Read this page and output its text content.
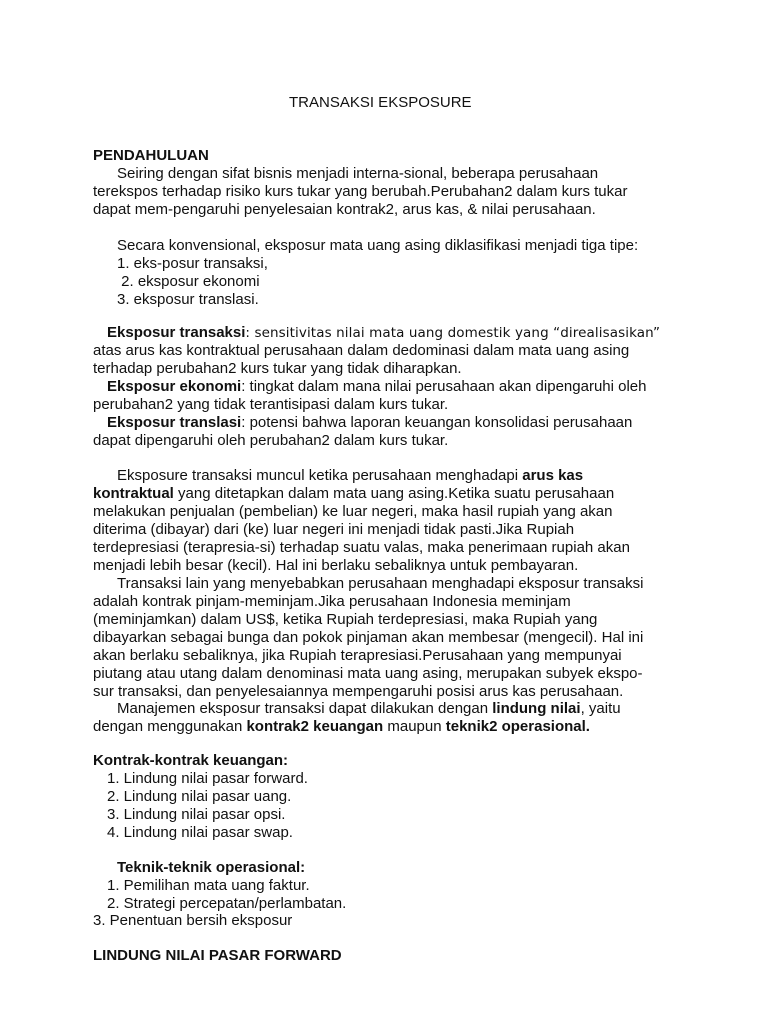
TRANSAKSI EKSPOSURE
PENDAHULUAN
Seiring dengan sifat bisnis menjadi interna-sional, beberapa perusahaan
terekspos terhadap risiko kurs tukar yang berubah.Perubahan2 dalam kurs tukar
dapat mem-pengaruhi penyelesaian kontrak2, arus kas, & nilai perusahaan.
Secara konvensional, eksposur mata uang asing diklasifikasi menjadi tiga tipe:
1. eks-posur transaksi,
2. eksposur ekonomi
3. eksposur translasi.
Eksposur transaksi: sensitivitas nilai mata uang domestik yang “direalisasikan”
atas arus kas kontraktual perusahaan dalam dedominasi dalam mata uang asing
terhadap perubahan2 kurs tukar yang tidak diharapkan.
Eksposur ekonomi: tingkat dalam mana nilai perusahaan akan dipengaruhi oleh
perubahan2 yang tidak terantisipasi dalam kurs tukar.
Eksposur translasi: potensi bahwa laporan keuangan konsolidasi perusahaan
dapat dipengaruhi oleh perubahan2 dalam kurs tukar.
Eksposure transaksi muncul ketika perusahaan menghadapi arus kas
kontraktual yang ditetapkan dalam mata uang asing.Ketika suatu perusahaan
melakukan penjualan (pembelian) ke luar negeri, maka hasil rupiah yang akan
diterima (dibayar) dari (ke) luar negeri ini menjadi tidak pasti.Jika Rupiah
terdepresiasi (terapresia-si) terhadap suatu valas, maka penerimaan rupiah akan
menjadi lebih besar (kecil). Hal ini berlaku sebaliknya untuk pembayaran.
Transaksi lain yang menyebabkan perusahaan menghadapi eksposur transaksi
adalah kontrak pinjam-meminjam.Jika perusahaan Indonesia meminjam
(meminjamkan) dalam US$, ketika Rupiah terdepresiasi, maka Rupiah yang
dibayarkan sebagai bunga dan pokok pinjaman akan membesar (mengecil). Hal ini
akan berlaku sebaliknya, jika Rupiah terapresiasi.Perusahaan yang mempunyai
piutang atau utang dalam denominasi mata uang asing, merupakan subyek ekspo-
sur transaksi, dan penyelesaiannya mempengaruhi posisi arus kas perusahaan.
Manajemen eksposur transaksi dapat dilakukan dengan lindung nilai, yaitu
dengan menggunakan kontrak2 keuangan maupun teknik2 operasional.
Kontrak-kontrak keuangan:
1. Lindung nilai pasar forward.
2. Lindung nilai pasar uang.
3. Lindung nilai pasar opsi.
4. Lindung nilai pasar swap.
Teknik-teknik operasional:
1. Pemilihan mata uang faktur.
2. Strategi percepatan/perlambatan.
3. Penentuan bersih eksposur
LINDUNG NILAI PASAR FORWARD
